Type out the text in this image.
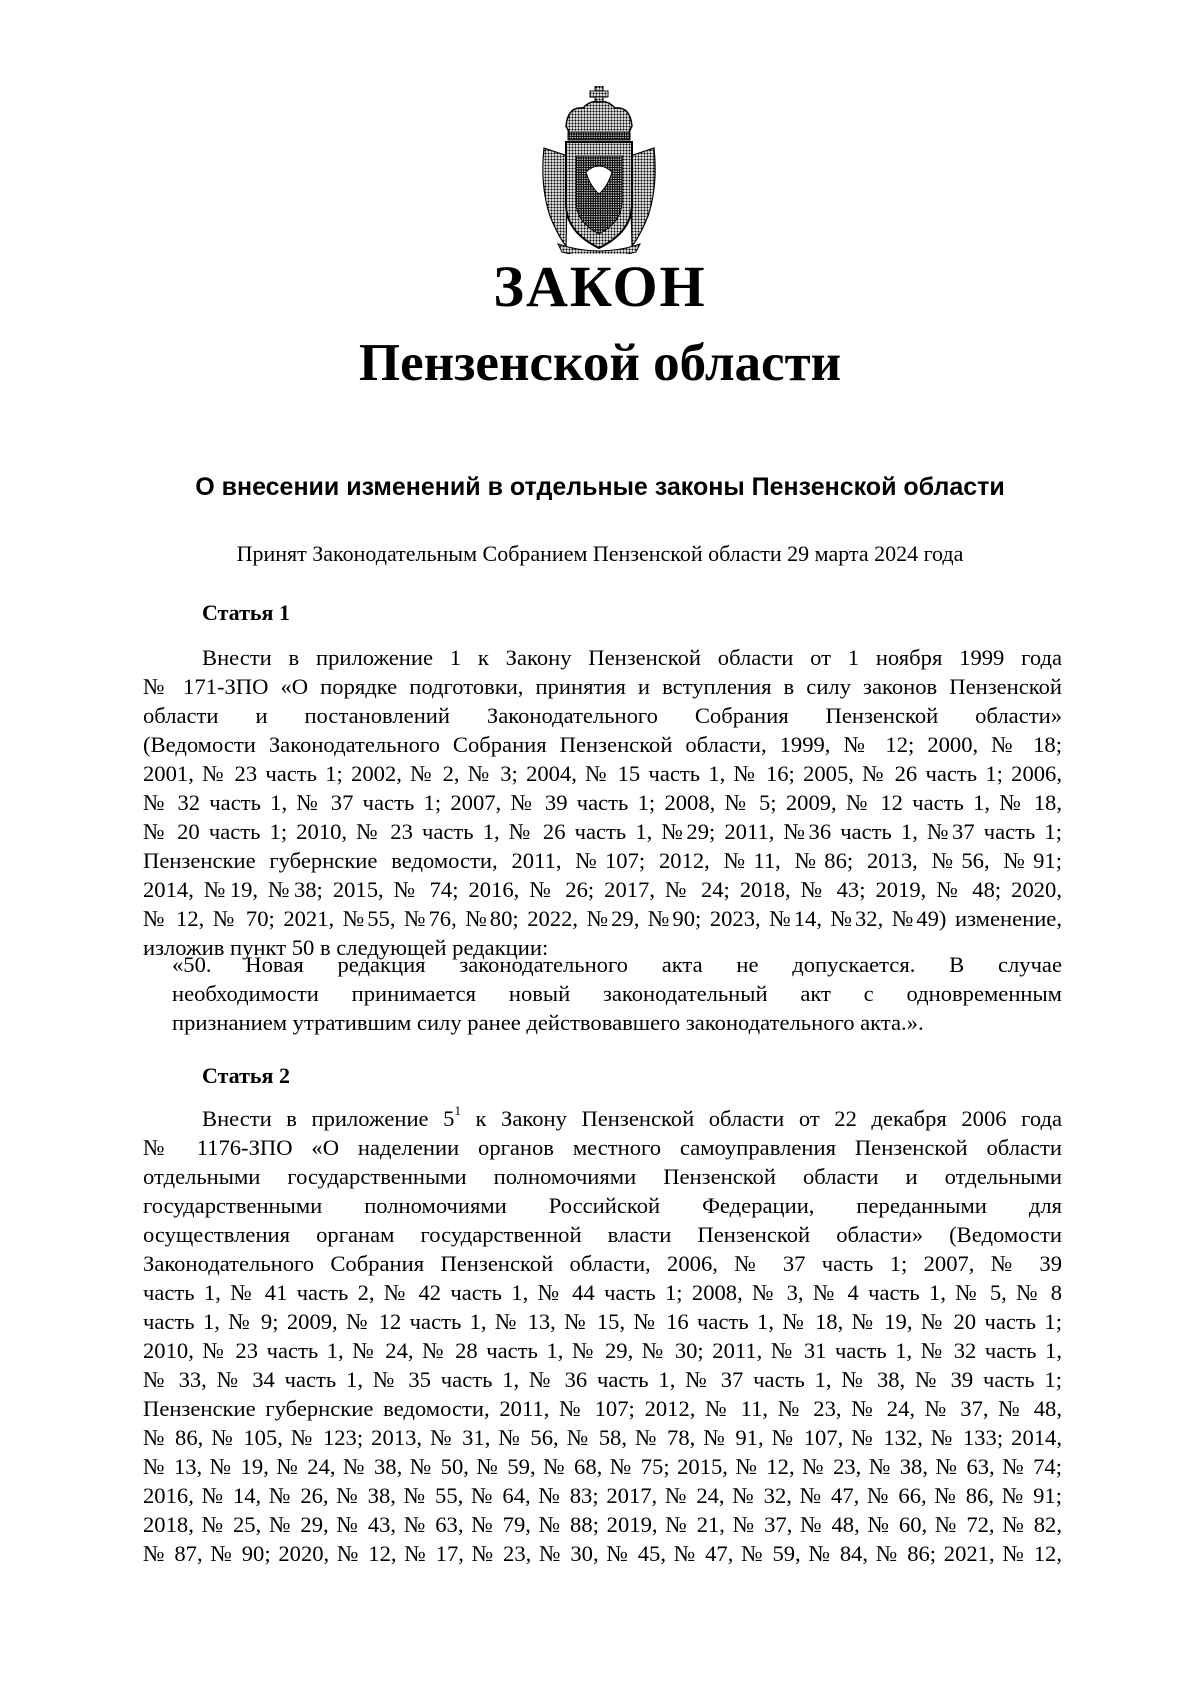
ЗАКОН
Пензенской области
О внесении изменений в отдельные законы Пензенской области
Принят Законодательным Собранием Пензенской области 29 марта 2024 года
Статья 1
Внести в приложение 1 к Закону Пензенской области от 1 ноября 1999 года
№ 171-ЗПО «О порядке подготовки, принятия и вступления в силу законов Пензенской
области и постановлений Законодательного Собрания Пензенской области»
(Ведомости Законодательного Собрания Пензенской области, 1999, № 12; 2000, № 18;
2001, № 23 часть 1; 2002, № 2, № 3; 2004, № 15 часть 1, № 16; 2005, № 26 часть 1; 2006,
№ 32 часть 1, № 37 часть 1; 2007, № 39 часть 1; 2008, № 5; 2009, № 12 часть 1, № 18,
№ 20 часть 1; 2010, № 23 часть 1, № 26 часть 1, №29; 2011, №36 часть 1, №37 часть 1;
Пензенские губернские ведомости, 2011, №107; 2012, №11, №86; 2013, №56, №91;
2014, №19, №38; 2015, № 74; 2016, № 26; 2017, № 24; 2018, № 43; 2019, № 48; 2020,
№ 12, № 70; 2021, №55, №76, №80; 2022, №29, №90; 2023, №14, №32, №49) изменение,
изложив пункт 50 в следующей редакции:
«50. Новая редакция законодательного акта не допускается. В случае
необходимости принимается новый законодательный акт с одновременным
признанием утратившим силу ранее действовавшего законодательного акта.».
Статья 2
Внести в приложение $5^1$ к Закону Пензенской области от 22 декабря 2006 года
№ 1176-ЗПО «О наделении органов местного самоуправления Пензенской области
отдельными государственными полномочиями Пензенской области и отдельными
государственными полномочиями Российской Федерации, переданными для
осуществления органам государственной власти Пензенской области» (Ведомости
Законодательного Собрания Пензенской области, 2006, № 37 часть 1; 2007, № 39
часть 1, № 41 часть 2, № 42 часть 1, № 44 часть 1; 2008, № 3, № 4 часть 1, № 5, № 8
часть 1, № 9; 2009, № 12 часть 1, № 13, № 15, № 16 часть 1, № 18, № 19, № 20 часть 1;
2010, № 23 часть 1, № 24, № 28 часть 1, № 29, № 30; 2011, № 31 часть 1, № 32 часть 1,
№ 33, № 34 часть 1, № 35 часть 1, № 36 часть 1, № 37 часть 1, № 38, № 39 часть 1;
Пензенские губернские ведомости, 2011, № 107; 2012, № 11, № 23, № 24, № 37, № 48,
№ 86, № 105, № 123; 2013, № 31, № 56, № 58, № 78, № 91, № 107, № 132, № 133; 2014,
№ 13, № 19, № 24, № 38, № 50, № 59, № 68, № 75; 2015, № 12, № 23, № 38, № 63, № 74;
2016, № 14, № 26, № 38, № 55, № 64, № 83; 2017, № 24, № 32, № 47, № 66, № 86, № 91;
2018, № 25, № 29, № 43, № 63, № 79, № 88; 2019, № 21, № 37, № 48, № 60, № 72, № 82,
№ 87, № 90; 2020, № 12, № 17, № 23, № 30, № 45, № 47, № 59, № 84, № 86; 2021, № 12,
